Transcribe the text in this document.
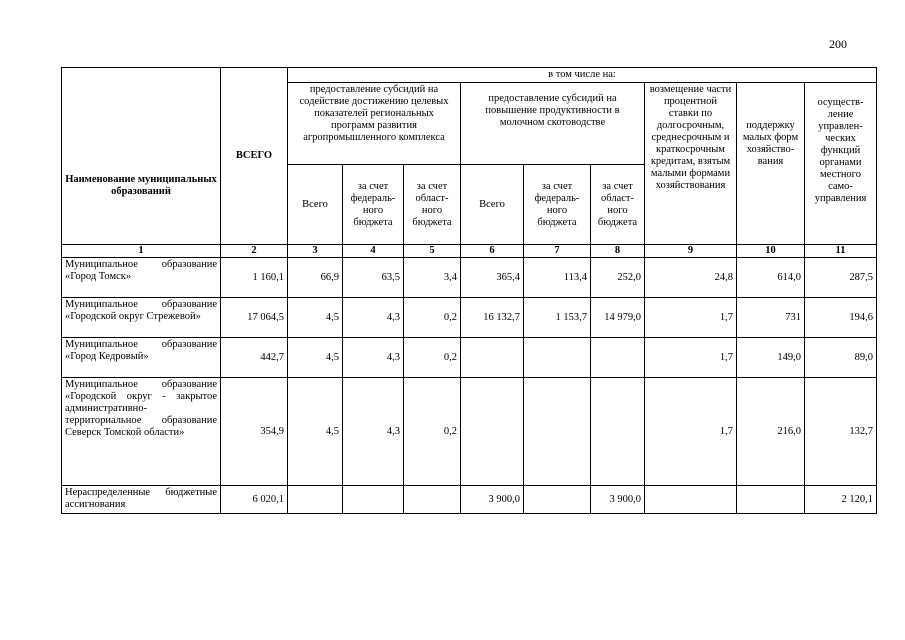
200
Наименование муниципальных образований	ВСЕГО	в том числе на:								
		предоставление субсидий на содействие достижению целевых показателей региональных программ развития агропромышленного комплекса			предоставление субсидий на повышение продуктивности в молочном скотоводстве			возмещение части процентной ставки по долгосрочным, среднесрочным и краткосрочным кредитам, взятым малыми формами хозяйствования	поддержку малых форм хозяйство-вания	осуществ-ление управлен-ческих функций органами местного само-управления
		Всего	за счет федераль-ного бюджета	за счет област-ного бюджета	Всего	за счет федераль-ного бюджета	за счет област-ного бюджета			
1	2	3	4	5	6	7	8	9	10	11
Муниципальное образование «Город Томск»	1 160,1	66,9	63,5	3,4	365,4	113,4	252,0	24,8	614,0	287,5
Муниципальное образование «Городской округ Стрежевой»	17 064,5	4,5	4,3	0,2	16 132,7	1 153,7	14 979,0	1,7	731	194,6
Муниципальное образование «Город Кедровый»	442,7	4,5	4,3	0,2				1,7	149,0	89,0
Муниципальное образование «Городской округ - закрытое административно-территориальное образование Северск Томской области»	354,9	4,5	4,3	0,2				1,7	216,0	132,7
Нераспределенные бюджетные ассигнования	6 020,1				3 900,0		3 900,0			2 120,1
